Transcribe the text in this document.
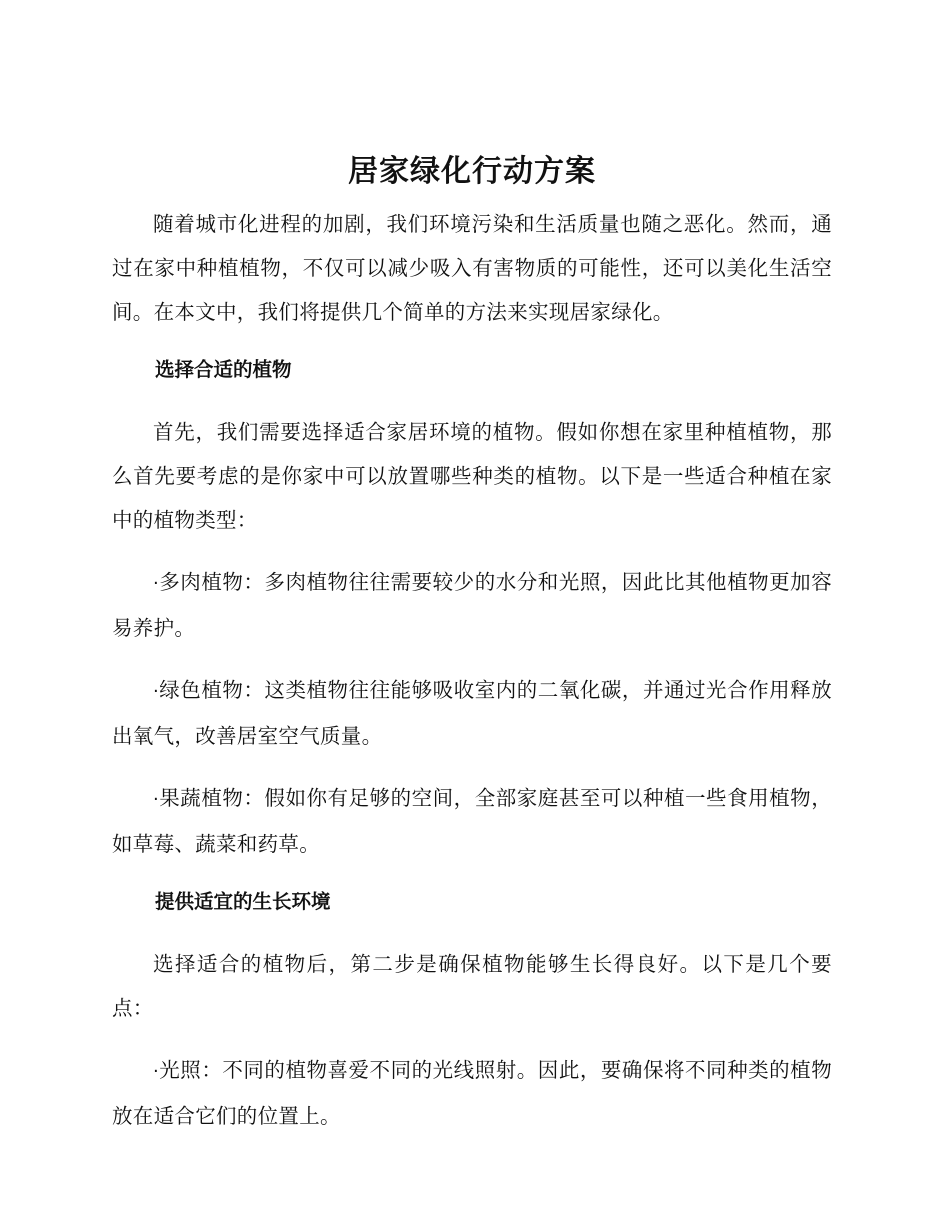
居家绿化行动方案

随着城市化进程的加剧，我们环境污染和生活质量也随之恶化。然而，通过在家中种植植物，不仅可以减少吸入有害物质的可能性，还可以美化生活空间。在本文中，我们将提供几个简单的方法来实现居家绿化。

选择合适的植物

首先，我们需要选择适合家居环境的植物。假如你想在家里种植植物，那么首先要考虑的是你家中可以放置哪些种类的植物。以下是一些适合种植在家中的植物类型：

·多肉植物：多肉植物往往需要较少的水分和光照，因此比其他植物更加容易养护。

·绿色植物：这类植物往往能够吸收室内的二氧化碳，并通过光合作用释放出氧气，改善居室空气质量。

·果蔬植物：假如你有足够的空间，全部家庭甚至可以种植一些食用植物，如草莓、蔬菜和药草。

提供适宜的生长环境

选择适合的植物后，第二步是确保植物能够生长得良好。以下是几个要点：

·光照：不同的植物喜爱不同的光线照射。因此，要确保将不同种类的植物放在适合它们的位置上。
